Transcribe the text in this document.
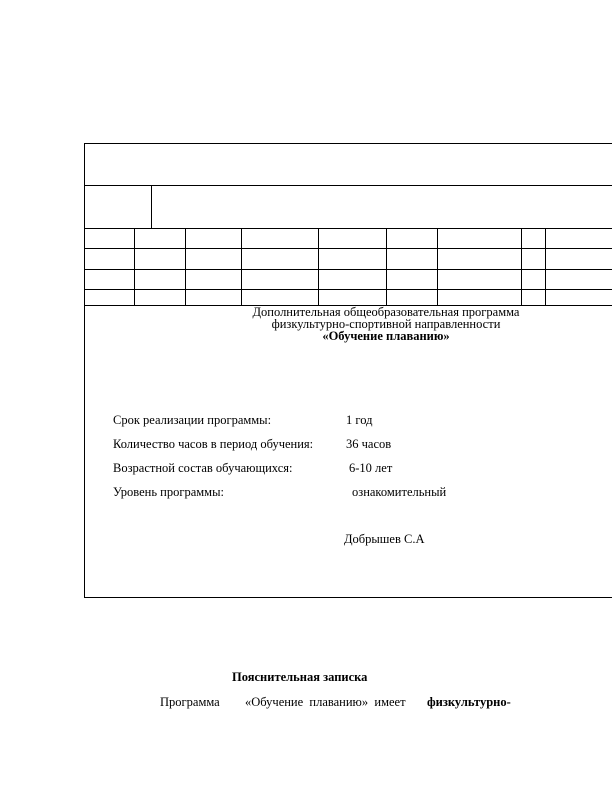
Дополнительная общеобразовательная программа
физкультурно-спортивной направленности
«Обучение плаванию»
Срок реализации программы:	1 год
Количество часов в период обучения:	36 часов
Возрастной состав обучающихся:	6-10 лет
Уровень программы:	ознакомительный
Добрышев С.А
Пояснительная записка
Программа «Обучение  плаванию»  имеет физкультурно-
